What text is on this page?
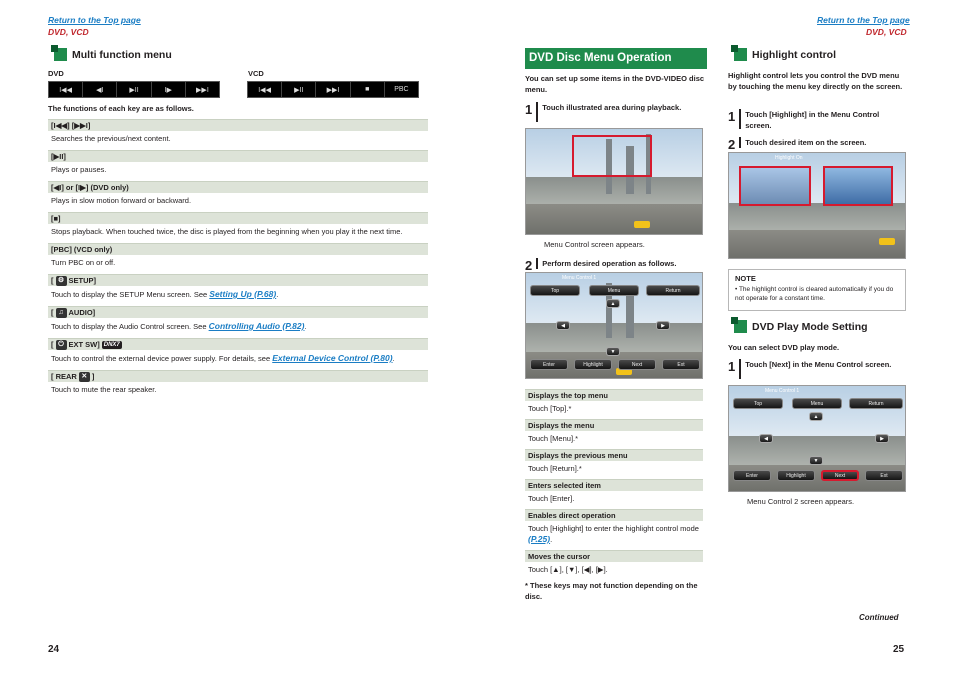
Return to the Top page
DVD, VCD
Multi function menu
DVD	VCD
I◀◀	◀I	▶II	I▶	▶▶I	I◀◀	▶II	▶▶I	■	PBC
The functions of each key are as follows.
[I◀◀] [▶▶I]
Searches the previous/next content.
[▶II]
Plays or pauses.
[◀I] or [I▶] (DVD only)
Plays in slow motion forward or backward.
[■]
Stops playback. When touched twice, the disc is played from the beginning when you play it the next time.
[PBC] (VCD only)
Turn PBC on or off.
[ ⚙ SETUP]
Touch to display the SETUP Menu screen. See Setting Up (P.68).
[ ♫ AUDIO]
Touch to display the Audio Control screen. See Controlling Audio (P.82).
[ ⏻ EXT SW] DNX7
Touch to control the external device power supply. For details, see External Device Control (P.80).
[ REAR ✕ ]
Touch to mute the rear speaker.
24
DVD Disc Menu Operation
You can set up some items in the DVD-VIDEO disc menu.
1 Touch illustrated area during playback.
Menu Control screen appears.
2 Perform desired operation as follows.
Menu Control 1
Top	Menu	Return
▲
◀	▶
▼
Enter	Highlight	Next	Ext
Displays the top menu
Touch [Top].*
Displays the menu
Touch [Menu].*
Displays the previous menu
Touch [Return].*
Enters selected item
Touch [Enter].
Enables direct operation
Touch [Highlight] to enter the highlight control mode (P.25).
Moves the cursor
Touch [▲], [▼], [◀], [▶].
* These keys may not function depending on the disc.
Return to the Top page
DVD, VCD
Highlight control
Highlight control lets you control the DVD menu by touching the menu key directly on the screen.
1 Touch [Highlight] in the Menu Control screen.
2 Touch desired item on the screen.
Highlight On
NOTE
• The highlight control is cleared automatically if you do not operate for a constant time.
DVD Play Mode Setting
You can select DVD play mode.
1 Touch [Next] in the Menu Control screen.
Menu Control 1
Top	Menu	Return
▲
◀	▶
▼
Enter	Highlight	Next	Ext
Menu Control 2 screen appears.
Continued
25
